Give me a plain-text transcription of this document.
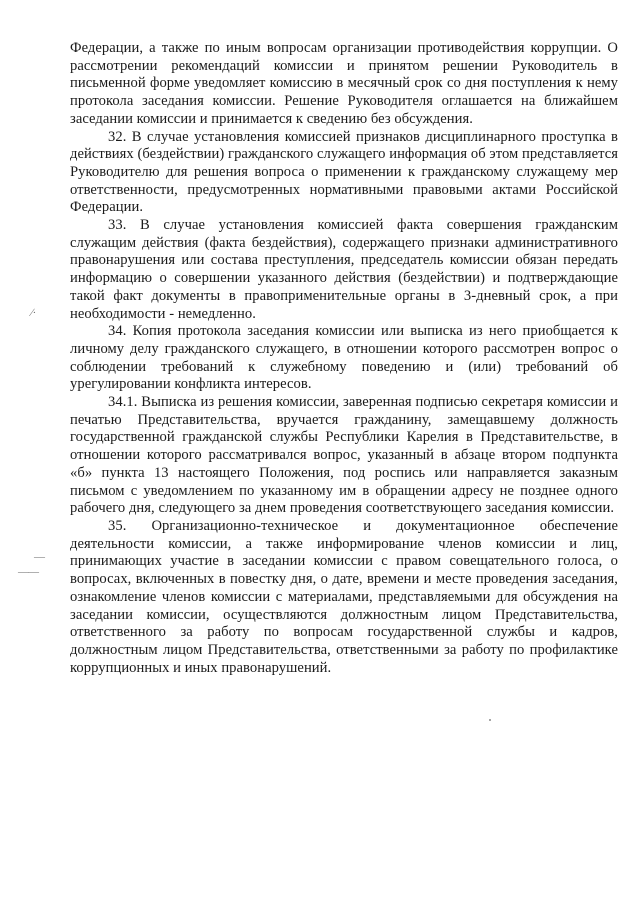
Федерации, а также по иным вопросам организации противодействия коррупции. О рассмотрении рекомендаций комиссии и принятом решении Руководитель в письменной форме уведомляет комиссию в месячный срок со дня поступления к нему протокола заседания комиссии. Решение Руководителя оглашается на ближайшем заседании комиссии и принимается к сведению без обсуждения.

32. В случае установления комиссией признаков дисциплинарного проступка в действиях (бездействии) гражданского служащего информация об этом представляется Руководителю для решения вопроса о применении к гражданскому служащему мер ответственности, предусмотренных нормативными правовыми актами Российской Федерации.

33. В случае установления комиссией факта совершения гражданским служащим действия (факта бездействия), содержащего признаки административного правонарушения или состава преступления, председатель комиссии обязан передать информацию о совершении указанного действия (бездействии) и подтверждающие такой факт документы в правоприменительные органы в 3-дневный срок, а при необходимости - немедленно.

34. Копия протокола заседания комиссии или выписка из него приобщается к личному делу гражданского служащего, в отношении которого рассмотрен вопрос о соблюдении требований к служебному поведению и (или) требований об урегулировании конфликта интересов.

34.1. Выписка из решения комиссии, заверенная подписью секретаря комиссии и печатью Представительства, вручается гражданину, замещавшему должность государственной гражданской службы Республики Карелия в Представительстве, в отношении которого рассматривался вопрос, указанный в абзаце втором подпункта «б» пункта 13 настоящего Положения, под роспись или направляется заказным письмом с уведомлением по указанному им в обращении адресу не позднее одного рабочего дня, следующего за днем проведения соответствующего заседания комиссии.

35. Организационно-техническое и документационное обеспечение деятельности комиссии, а также информирование членов комиссии и лиц, принимающих участие в заседании комиссии с правом совещательного голоса, о вопросах, включенных в повестку дня, о дате, времени и месте проведения заседания, ознакомление членов комиссии с материалами, представляемыми для обсуждения на заседании комиссии, осуществляются должностным лицом Представительства, ответственного за работу по вопросам государственной службы и кадров, должностным лицом Представительства, ответственными за работу по профилактике коррупционных и иных правонарушений.

∕·
—
——
